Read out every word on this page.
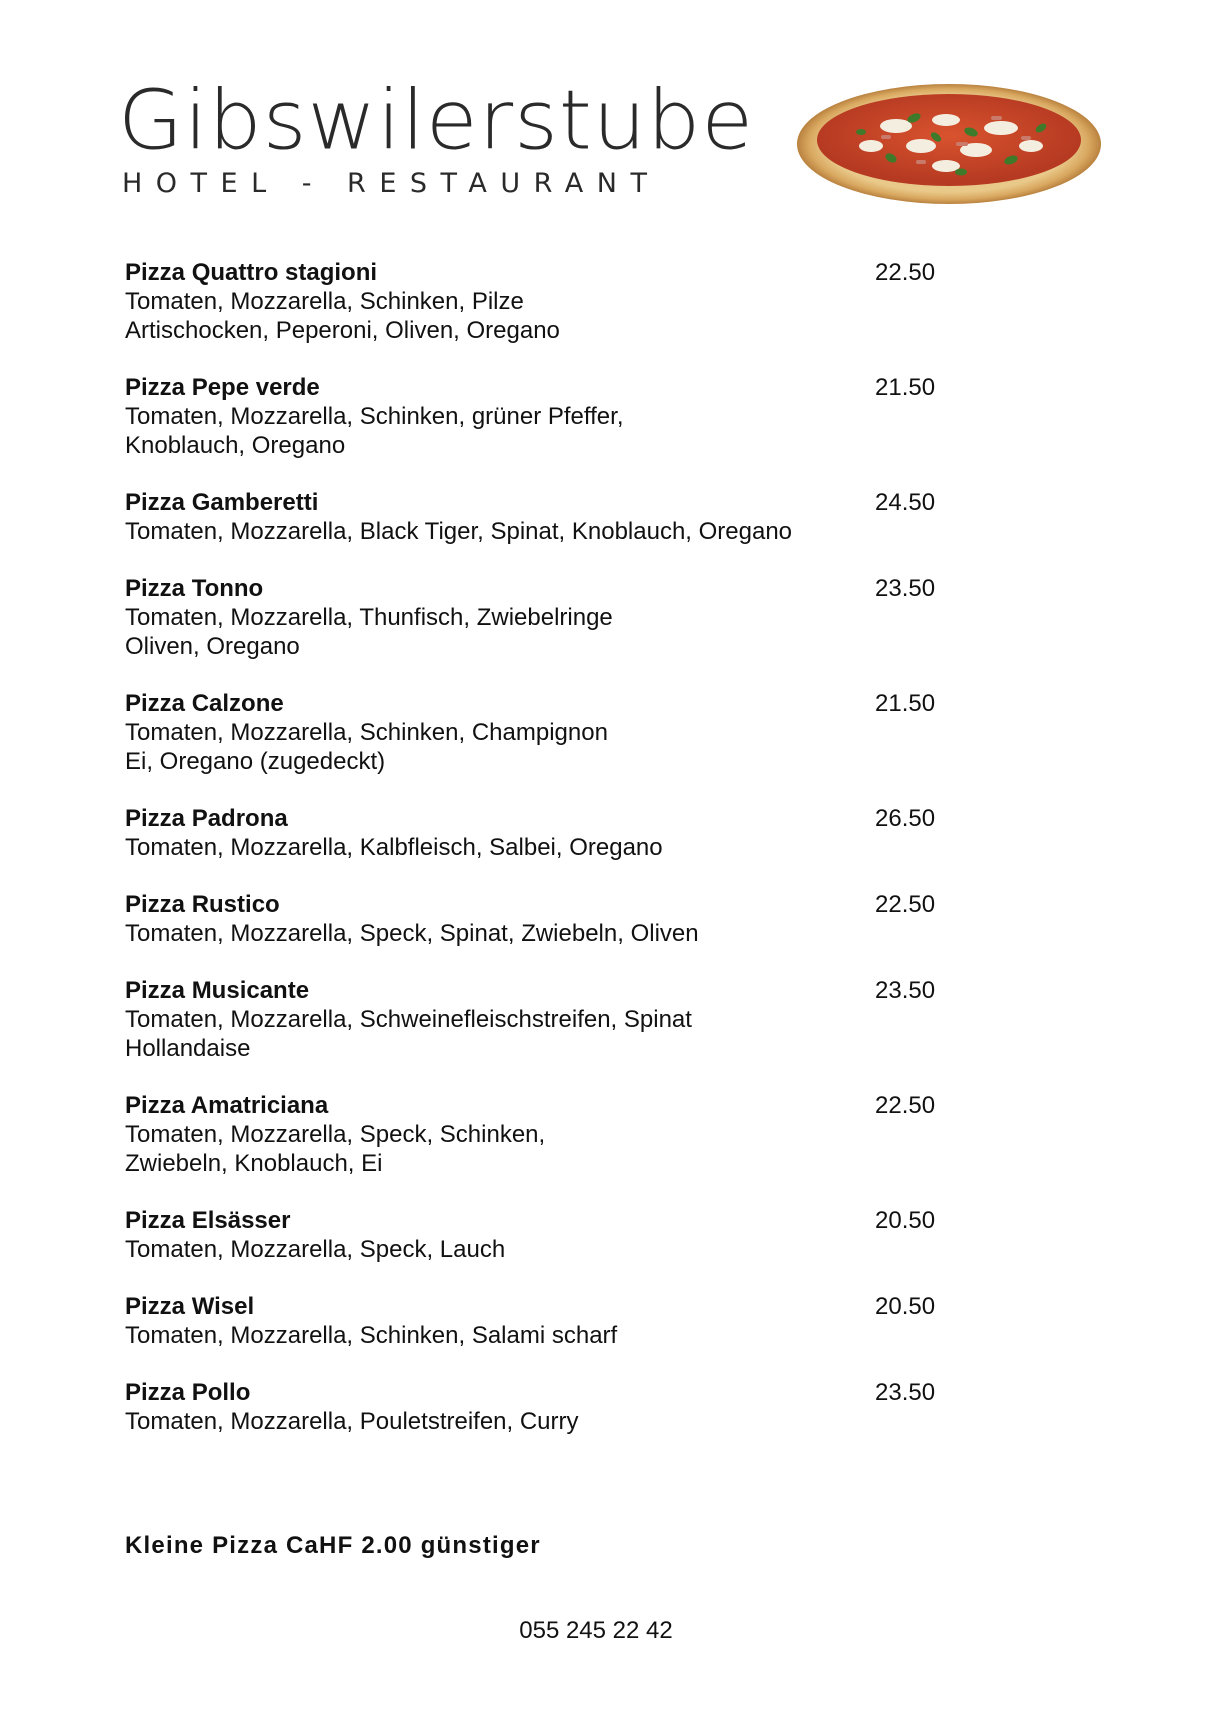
Gibswilerstube
HOTEL - RESTAURANT
Pizza Quattro stagioni	22.50
Tomaten, Mozzarella, Schinken, Pilze
Artischocken, Peperoni, Oliven, Oregano
Pizza Pepe verde	21.50
Tomaten, Mozzarella, Schinken, grüner Pfeffer,
Knoblauch, Oregano
Pizza Gamberetti	24.50
Tomaten, Mozzarella, Black Tiger, Spinat, Knoblauch, Oregano
Pizza Tonno	23.50
Tomaten, Mozzarella, Thunfisch, Zwiebelringe
Oliven, Oregano
Pizza Calzone	21.50
Tomaten, Mozzarella, Schinken, Champignon
Ei, Oregano (zugedeckt)
Pizza Padrona	26.50
Tomaten, Mozzarella, Kalbfleisch, Salbei, Oregano
Pizza Rustico	22.50
Tomaten, Mozzarella, Speck, Spinat, Zwiebeln, Oliven
Pizza Musicante	23.50
Tomaten, Mozzarella, Schweinefleischstreifen, Spinat
Hollandaise
Pizza Amatriciana	22.50
Tomaten, Mozzarella, Speck, Schinken,
Zwiebeln, Knoblauch, Ei
Pizza Elsässer	20.50
Tomaten, Mozzarella, Speck, Lauch
Pizza Wisel	20.50
Tomaten, Mozzarella, Schinken, Salami scharf
Pizza Pollo	23.50
Tomaten, Mozzarella, Pouletstreifen, Curry
Kleine Pizza CaHF 2.00 günstiger
055 245 22 42
